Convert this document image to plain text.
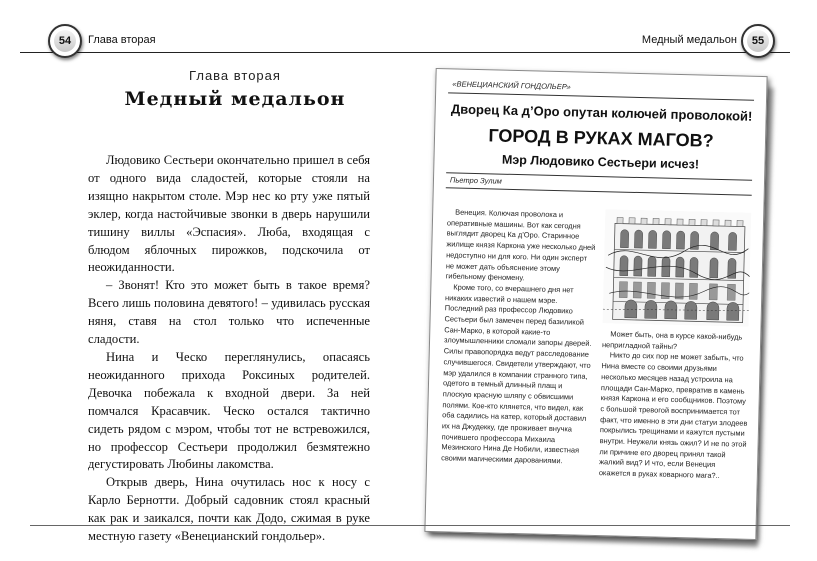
54	Глава вторая	Медный медальон	55
Глава вторая
Медный медальон

Людовико Сестьери окончательно пришел в себя от одного вида сладостей, которые стояли на изящно накрытом столе. Мэр нес ко рту уже пятый эклер, когда настойчивые звонки в дверь нарушили тишину виллы «Эспасия». Люба, входящая с блюдом яблочных пирожков, подскочила от неожиданности.

– Звонят! Кто это может быть в такое время? Всего лишь половина девятого! – удивилась русская няня, ставя на стол только что испеченные сладости.

Нина и Ческо переглянулись, опасаясь неожиданного прихода Роксиных родителей. Девочка побежала к входной двери. За ней помчался Красавчик. Ческо остался тактично сидеть рядом с мэром, чтобы тот не встревожился, но профессор Сестьери продолжил безмятежно дегустировать Любины лакомства.

Открыв дверь, Нина очутилась нос к носу с Карло Бернотти. Добрый садовник стоял красный как рак и заикался, почти как Додо, сжимая в руке местную газету «Венецианский гондольер».

«ВЕНЕЦИАНСКИЙ ГОНДОЛЬЕР»
Дворец Ка д’Оро опутан колючей проволокой!
ГОРОД В РУКАХ МАГОВ?
Мэр Людовико Сестьери исчез!
Пьетро Зулим

Венеция. Колючая проволока и оперативные машины. Вот как сегодня выглядит дворец Ка д’Оро. Старинное жилище князя Каркона уже несколько дней недоступно ни для кого. Ни один эксперт не может дать объяснение этому гибельному феномену.

Кроме того, со вчерашнего дня нет никаких известий о нашем мэре. Последний раз профессор Людовико Сестьери был замечен перед базиликой Сан-Марко, в которой какие-то злоумышленники сломали запоры дверей. Силы правопорядка ведут расследование случившегося. Свидетели утверждают, что мэр удалился в компании странного типа, одетого в темный длинный плащ и плоскую красную шляпу с обвисшими полями. Кое-кто клянется, что видел, как оба садились на катер, который доставил их на Джудекку, где проживает внучка почившего профессора Михаила Мезинского Нина Де Нобили, известная своими магическими дарованиями.

Может быть, она в курсе какой-нибудь непригладной тайны?

Никто до сих пор не может забыть, что Нина вместе со своими друзьями несколько месяцев назад устроила на площади Сан-Марко, превратив в камень князя Каркона и его сообщников. Поэтому с большой тревогой воспринимается тот факт, что именно в эти дни статуи злодеев покрылись трещинами и кажутся пустыми внутри. Неужели князь ожил? И не по этой ли причине его дворец принял такой жалкий вид? И что, если Венеция окажется в руках коварного мага?..
